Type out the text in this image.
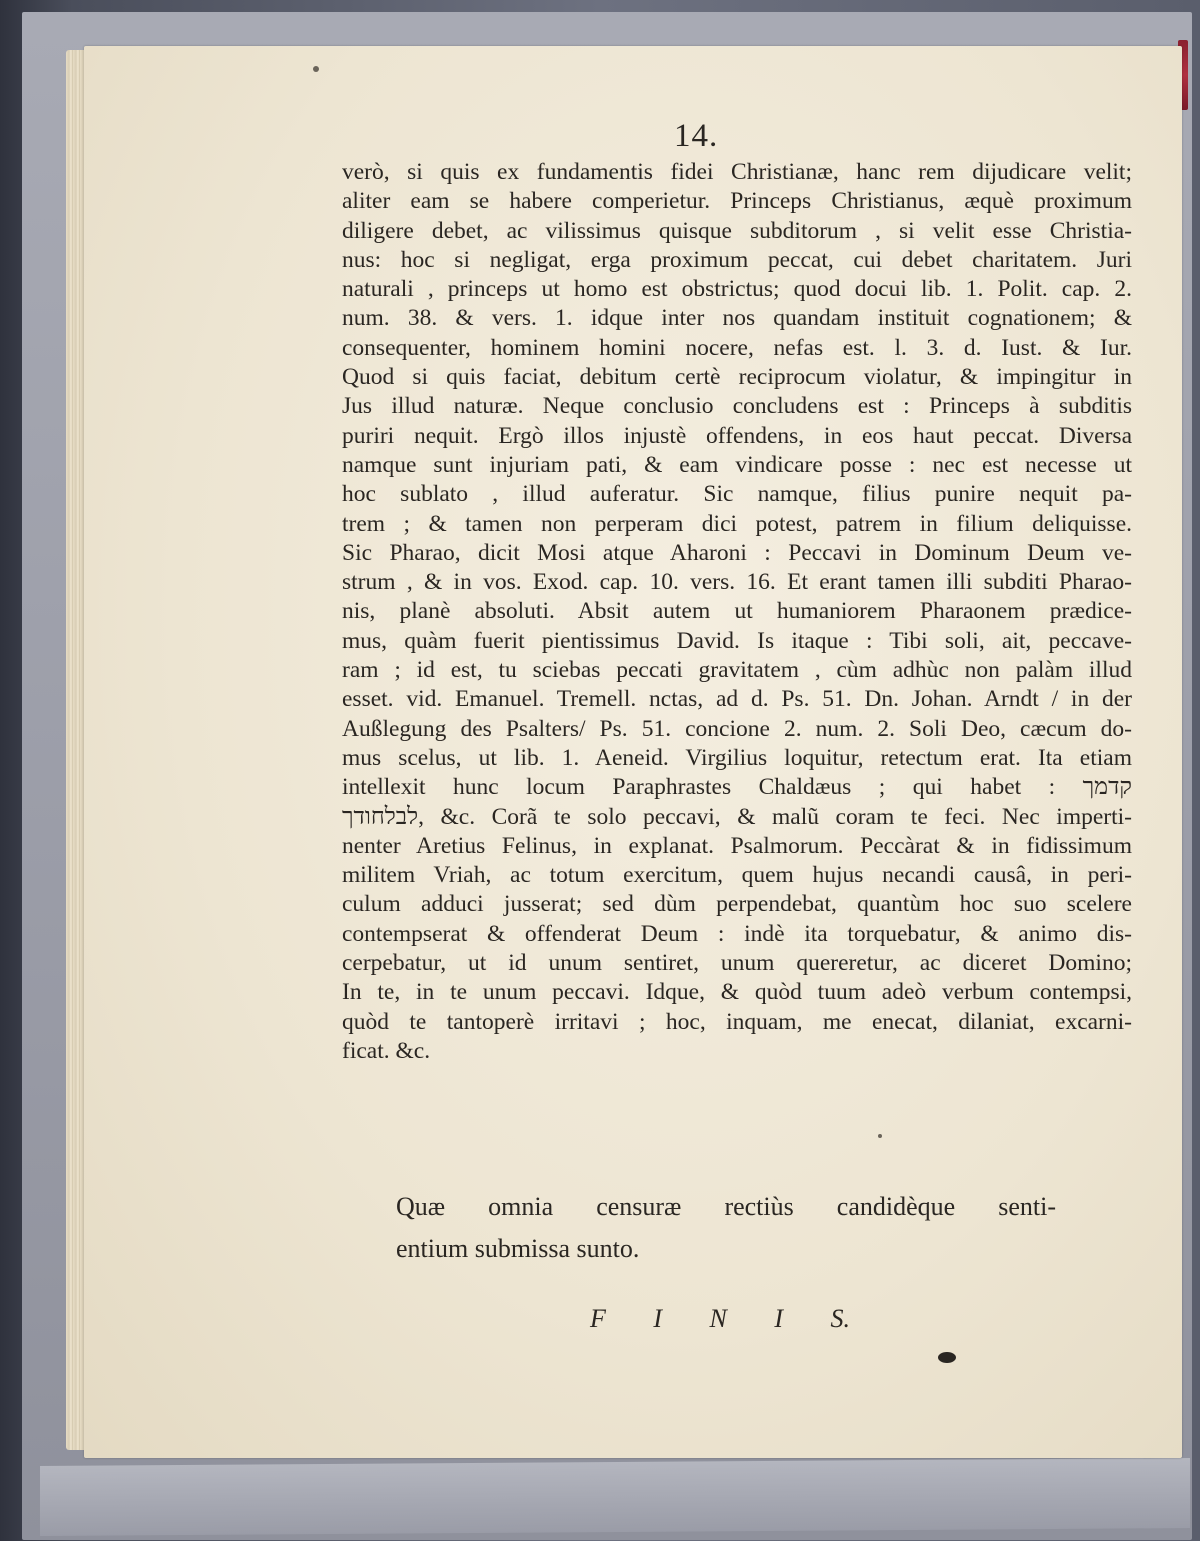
14.
verò, si quis ex fundamentis fidei Christianæ, hanc rem dijudicare velit;
aliter eam se habere comperietur. Princeps Christianus, æquè proximum
diligere debet, ac vilissimus quisque subditorum , si velit esse Christia-
nus: hoc si negligat, erga proximum peccat, cui debet charitatem. Juri
naturali , princeps ut homo est obstrictus; quod docui lib. 1. Polit. cap. 2.
num. 38. & vers. 1. idque inter nos quandam instituit cognationem; &
consequenter, hominem homini nocere, nefas est. l. 3. d. Iust. & Iur.
Quod si quis faciat, debitum certè reciprocum violatur, & impingitur in
Jus illud naturæ. Neque conclusio concludens est : Princeps à subditis
puriri nequit. Ergò illos injustè offendens, in eos haut peccat. Diversa
namque sunt injuriam pati, & eam vindicare posse : nec est necesse ut
hoc sublato , illud auferatur. Sic namque, filius punire nequit pa-
trem ; & tamen non perperam dici potest, patrem in filium deliquisse.
Sic Pharao, dicit Mosi atque Aharoni : Peccavi in Dominum Deum ve-
strum , & in vos. Exod. cap. 10. vers. 16. Et erant tamen illi subditi Pharao-
nis, planè absoluti. Absit autem ut humaniorem Pharaonem prædice-
mus, quàm fuerit pientissimus David. Is itaque : Tibi soli, ait, peccave-
ram ; id est, tu sciebas peccati gravitatem , cùm adhùc non palàm illud
esset. vid. Emanuel. Tremell. nctas, ad d. Ps. 51. Dn. Johan. Arndt / in der
Außlegung des Psalters/ Ps. 51. concione 2. num. 2. Soli Deo, cæcum do-
mus scelus, ut lib. 1. Aeneid. Virgilius loquitur, retectum erat. Ita etiam
intellexit hunc locum Paraphrastes Chaldæus ; qui habet : קדמך
לבלחודך, &c. Corã te solo peccavi, & malũ coram te feci. Nec imperti-
nenter Aretius Felinus, in explanat. Psalmorum. Peccàrat & in fidissimum
militem Vriah, ac totum exercitum, quem hujus necandi causâ, in peri-
culum adduci jusserat; sed dùm perpendebat, quantùm hoc suo scelere
contempserat & offenderat Deum : indè ita torquebatur, & animo dis-
cerpebatur, ut id unum sentiret, unum quereretur, ac diceret Domino;
In te, in te unum peccavi. Idque, & quòd tuum adeò verbum contempsi,
quòd te tantoperè irritavi ; hoc, inquam, me enecat, dilaniat, excarni-
ficat. &c.
Quæ omnia censuræ rectiùs candidèque senti-
entium submissa sunto.
F I N I S.
